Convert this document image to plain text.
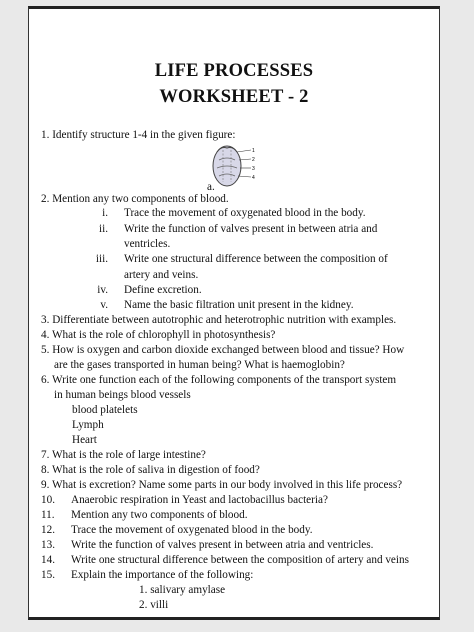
LIFE PROCESSES
WORKSHEET - 2
1. Identify structure 1-4 in the given figure:
1
2
3
4
a.
2. Mention any two components of blood.
i. Trace the movement of oxygenated blood in the body.
ii. Write the function of valves present in between atria and
ventricles.
iii. Write one structural difference between the composition of
artery and veins.
iv. Define excretion.
v. Name the basic filtration unit present in the kidney.
3. Differentiate between autotrophic and heterotrophic nutrition with examples.
4. What is the role of chlorophyll in photosynthesis?
5. How is oxygen and carbon dioxide exchanged between blood and tissue? How
are the gases transported in human being? What is haemoglobin?
6. Write one function each of the following components of the transport system
in human beings blood vessels
blood platelets
Lymph
Heart
7. What is the role of large intestine?
8. What is the role of saliva in digestion of food?
9. What is excretion? Name some parts in our body involved in this life process?
10. Anaerobic respiration in Yeast and lactobacillus bacteria?
11. Mention any two components of blood.
12. Trace the movement of oxygenated blood in the body.
13. Write the function of valves present in between atria and ventricles.
14. Write one structural difference between the composition of artery and veins
15. Explain the importance of the following:
1. salivary amylase
2. villi
